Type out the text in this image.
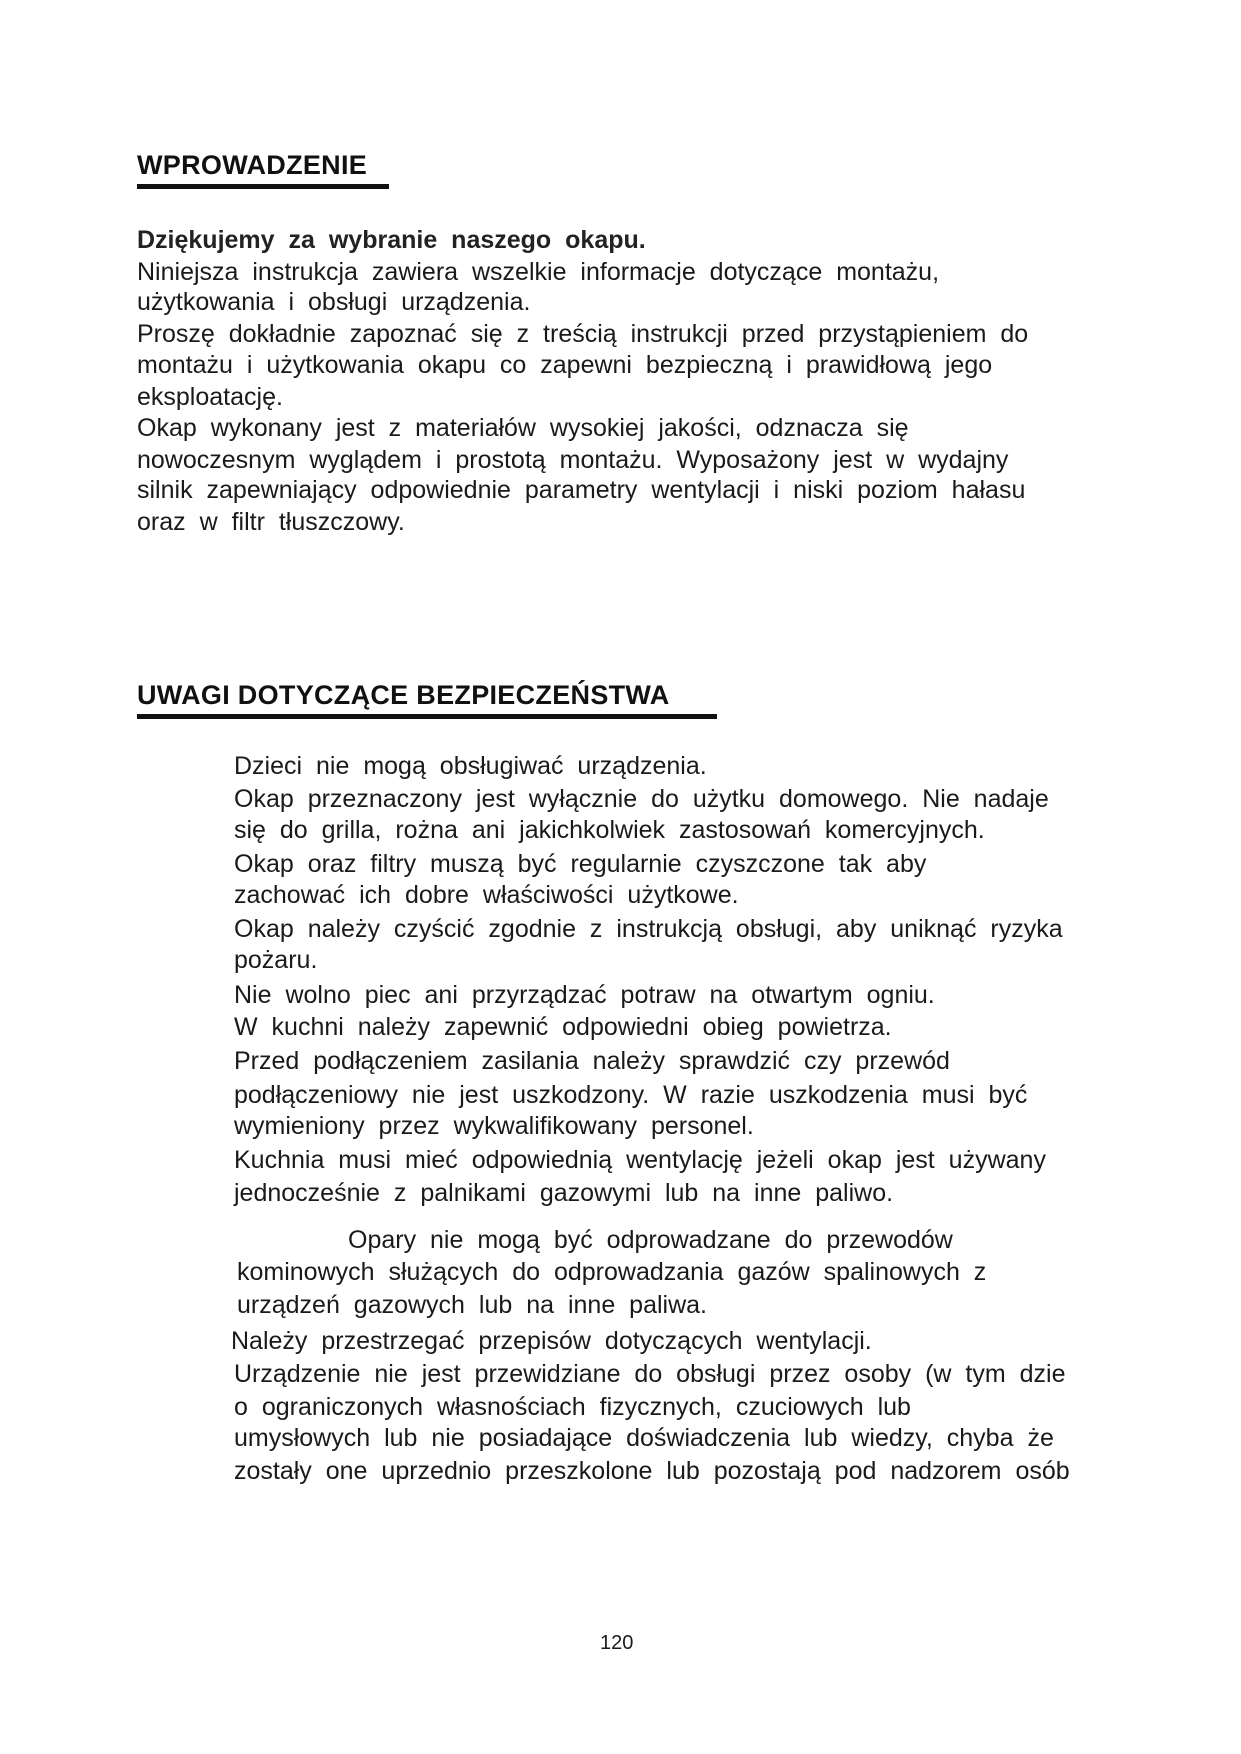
WPROWADZENIE

Dziękujemy za wybranie naszego okapu.

Niniejsza instrukcja zawiera wszelkie informacje dotyczące montażu,

użytkowania i obsługi urządzenia.

Proszę dokładnie zapoznać się z treścią instrukcji przed przystąpieniem do

montażu i użytkowania okapu co zapewni bezpieczną i prawidłową jego

eksploatację.

Okap wykonany jest z materiałów wysokiej jakości, odznacza się

nowoczesnym wyglądem i prostotą montażu. Wyposażony jest w wydajny

silnik zapewniający odpowiednie parametry wentylacji i niski poziom hałasu

oraz w filtr tłuszczowy.

UWAGI DOTYCZĄCE BEZPIECZEŃSTWA

Dzieci nie mogą obsługiwać urządzenia.

Okap przeznaczony jest wyłącznie do użytku domowego. Nie nadaje

się do grilla, rożna ani jakichkolwiek zastosowań komercyjnych.

Okap oraz filtry muszą być regularnie czyszczone tak aby

zachować ich dobre właściwości użytkowe.

Okap należy czyścić zgodnie z instrukcją obsługi, aby uniknąć ryzyka

pożaru.

Nie wolno piec ani przyrządzać potraw na otwartym ogniu.

W kuchni należy zapewnić odpowiedni obieg powietrza.

Przed podłączeniem zasilania należy sprawdzić czy przewód

podłączeniowy nie jest uszkodzony. W razie uszkodzenia musi być

wymieniony przez wykwalifikowany personel.

Kuchnia musi mieć odpowiednią wentylację jeżeli okap jest używany

jednocześnie z palnikami gazowymi lub na inne paliwo.

Opary nie mogą być odprowadzane do przewodów

kominowych służących do odprowadzania gazów spalinowych z

urządzeń gazowych lub na inne paliwa.

Należy przestrzegać przepisów dotyczących wentylacji.

Urządzenie nie jest przewidziane do obsługi przez osoby (w tym dzie

o ograniczonych własnościach fizycznych, czuciowych lub

umysłowych lub nie posiadające doświadczenia lub wiedzy, chyba że

zostały one uprzednio przeszkolone lub pozostają pod nadzorem osób

120
